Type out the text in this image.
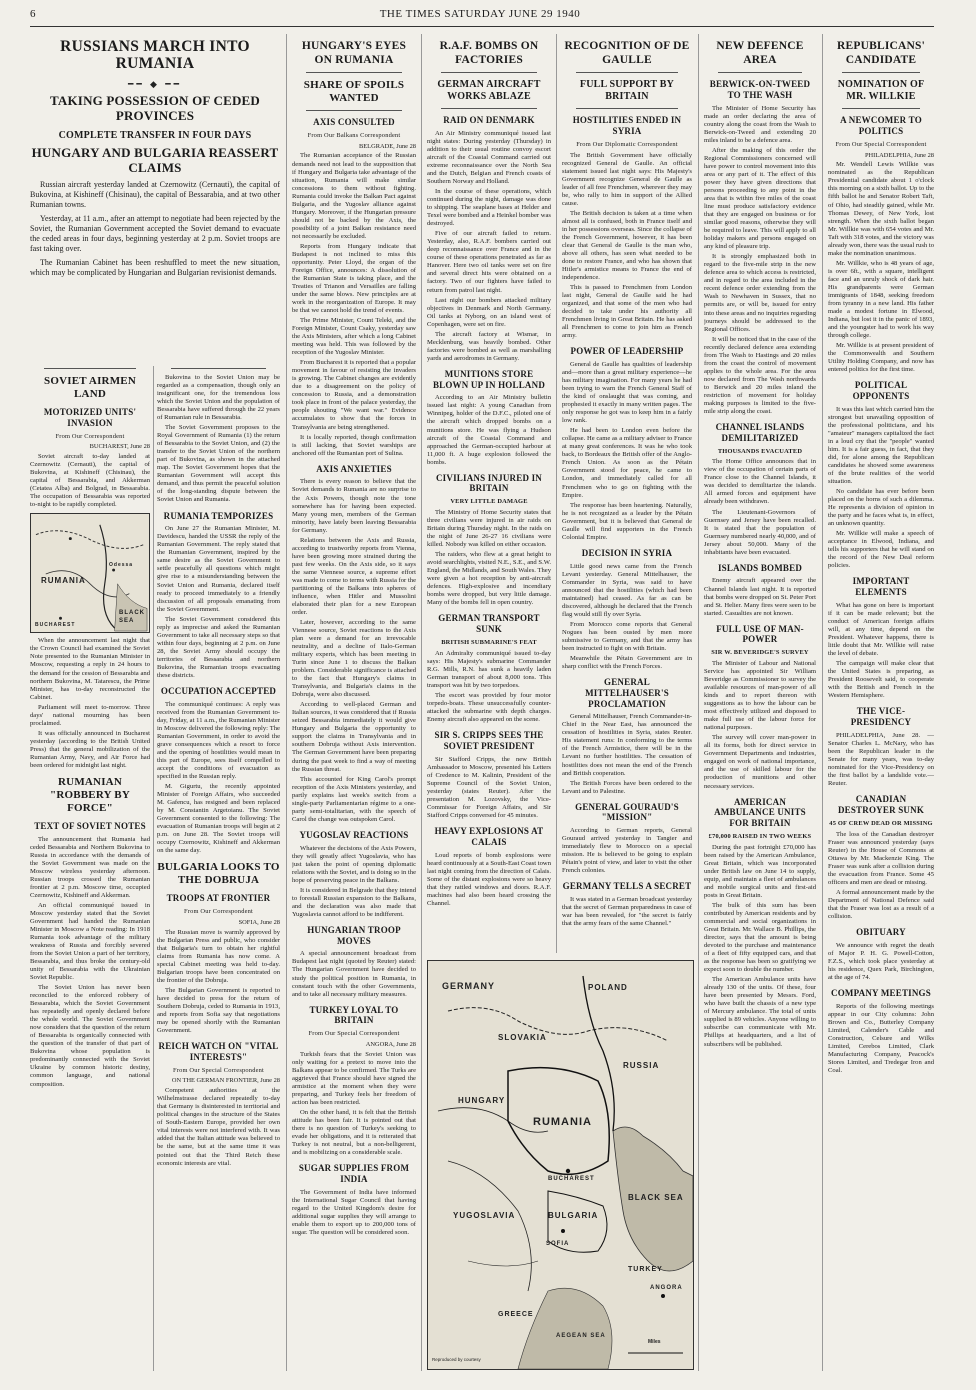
6	THE TIMES SATURDAY JUNE 29 1940
RUSSIANS MARCH INTO RUMANIA
━━ ◆ ━━
TAKING POSSESSION OF CEDED PROVINCES
COMPLETE TRANSFER IN FOUR DAYS
HUNGARY AND BULGARIA REASSERT CLAIMS

Russian aircraft yesterday landed at Czernowitz (Cernauti), the capital of Bukovina, at Kishineff (Chisinau), the capital of Bessarabia, and at two other Rumanian towns.

Yesterday, at 11 a.m., after an attempt to negotiate had been rejected by the Soviet, the Rumanian Government accepted the Soviet demand to evacuate the ceded areas in four days, beginning yesterday at 2 p.m. Soviet troops are fast taking over.

The Rumanian Cabinet has been reshuffled to meet the new situation, which may be complicated by Hungarian and Bulgarian revisionist demands.

SOVIET AIRMEN LAND
MOTORIZED UNITS' INVASION
From Our Correspondent
BUCHAREST, June 28

Soviet aircraft to-day landed at Czernowitz (Cernauti), the capital of Bukovina, at Kishineff (Chisinau), the capital of Bessarabia, and Akkerman (Cetatea Alba) and Bolgrad, in Bessarabia. The occupation of Bessarabia was reported to-night to be rapidly completed.

RUMANIA
BLACK SEA
Odessa
BUCHAREST

When the announcement last night that the Crown Council had examined the Soviet Note presented to the Rumanian Minister in Moscow, requesting a reply in 24 hours to the demand for the cession of Bessarabia and northern Bukovina, M. Tatarescu, the Prime Minister, has to-day reconstructed the Cabinet.

Parliament will meet to-morrow. Three days' national mourning has been proclaimed.

It was officially announced in Bucharest yesterday (according to the British United Press) that the general mobilization of the Rumanian Army, Navy, and Air Force had been ordered for midnight last night.

RUMANIAN "ROBBERY BY FORCE"
TEXT OF SOVIET NOTES

The announcement that Rumania had ceded Bessarabia and Northern Bukovina to Russia in accordance with the demands of the Soviet Government was made on the Moscow wireless yesterday afternoon. Russian troops crossed the Rumanian frontier at 2 p.m. Moscow time, occupied Czernowitz, Kishineff and Akkerman.

An official communiqué issued in Moscow yesterday stated that the Soviet Government had handed the Rumanian Minister in Moscow a Note reading: In 1918 Rumania took advantage of the military weakness of Russia and forcibly severed from the Soviet Union a part of her territory, Bessarabia, and thus broke the century-old unity of Bessarabia with the Ukrainian Soviet Republic.

The Soviet Union has never been reconciled to the enforced robbery of Bessarabia, which the Soviet Government has repeatedly and openly declared before the whole world. The Soviet Government now considers that the question of the return of Bessarabia is organically connected with the question of the transfer of that part of Bukovina whose population is predominantly connected with the Soviet Ukraine by common historic destiny, common language, and national composition.

Bukovina to the Soviet Union may be regarded as a compensation, though only an insignificant one, for the tremendous loss which the Soviet Union and the population of Bessarabia have suffered through the 22 years of Rumanian rule in Bessarabia.

The Soviet Government proposes to the Royal Government of Rumania (1) the return of Bessarabia to the Soviet Union, and (2) the transfer to the Soviet Union of the northern part of Bukovina, as shown in the attached map. The Soviet Government hopes that the Rumanian Government will accept this demand, and thus permit the peaceful solution of the long-standing dispute between the Soviet Union and Rumania.

RUMANIA TEMPORIZES

On June 27 the Rumanian Minister, M. Davidescu, handed the USSR the reply of the Rumanian Government. The reply stated that the Rumanian Government, inspired by the same desire as the Soviet Government to settle peacefully all questions which might give rise to a misunderstanding between the Soviet Union and Rumania, declared itself ready to proceed immediately to a friendly discussion of all proposals emanating from the Soviet Government.

The Soviet Government considered this reply as imprecise and asked the Rumanian Government to take all necessary steps so that within four days, beginning at 2 p.m. on June 28, the Soviet Army should occupy the territories of Bessarabia and northern Bukovina, the Rumanian troops evacuating these districts.

OCCUPATION ACCEPTED

The communiqué continues: A reply was received from the Rumanian Government to-day, Friday, at 11 a.m., the Rumanian Minister in Moscow delivered the following reply: The Rumanian Government, in order to avoid the grave consequences which a resort to force and the opening of hostilities would mean in this part of Europe, sees itself compelled to accept the conditions of evacuation as specified in the Russian reply.

M. Gigurtu, the recently appointed Minister of Foreign Affairs, who succeeded M. Gafencu, has resigned and been replaced by M. Constantin Argetoianu. The Soviet Government consented to the following: The evacuation of Rumanian troops will begin at 2 p.m. on June 28. The Soviet troops will occupy Czernowitz, Kishineff and Akkerman on the same day.

BULGARIA LOOKS TO THE DOBRUJA
TROOPS AT FRONTIER
From Our Correspondent
SOFIA, June 28

The Russian move is warmly approved by the Bulgarian Press and public, who consider that Bulgaria's turn to obtain her rightful claims from Rumania has now come. A special Cabinet meeting was held to-day. Bulgarian troops have been concentrated on the frontier of the Dobruja.

The Bulgarian Government is reported to have decided to press for the return of Southern Dobruja, ceded to Rumania in 1913, and reports from Sofia say that negotiations may be opened shortly with the Rumanian Government.

REICH WATCH ON "VITAL INTERESTS"
From Our Special Correspondent
ON THE GERMAN FRONTIER, June 28

Competent authorities at the Wilhelmstrasse declared repeatedly to-day that Germany is disinterested in territorial and political changes in the structure of the States of South-Eastern Europe, provided her own vital interests were not interfered with. It was added that the Italian attitude was believed to be the same, but at the same time it was pointed out that the Third Reich these economic interests are vital.

HUNGARY'S EYES ON RUMANIA
SHARE OF SPOILS WANTED
AXIS CONSULTED
From Our Balkans Correspondent
BELGRADE, June 28

The Rumanian acceptance of the Russian demands need not lead to the supposition that if Hungary and Bulgaria take advantage of the situation, Rumania will make similar concessions to them without fighting. Rumania could invoke the Balkan Pact against Bulgaria, and the Yugoslav alliance against Hungary. Moreover, if the Hungarian pressure should not be backed by the Axis, the possibility of a joint Balkan resistance need not necessarily be excluded.

Reports from Hungary indicate that Budapest is not inclined to miss this opportunity. Peter Lloyd, the organ of the Foreign Office, announces: A dissolution of the Rumanian State is taking place, and the Treaties of Trianon and Versailles are falling under the same blows. New principles are at work in the reorganization of Europe. It may be that we cannot hold the trend of events.

The Prime Minister, Count Teleki, and the Foreign Minister, Count Csaky, yesterday saw the Axis Ministers, after which a long Cabinet meeting was held. This was followed by the reception of the Yugoslav Minister.

From Bucharest it is reported that a popular movement in favour of resisting the invaders is growing. The Cabinet changes are evidently due to a disagreement on the policy of concession to Russia, and a demonstration took place in front of the palace yesterday, the people shouting "We want war." Evidence accumulates to show that the forces in Transylvania are being strengthened.

It is locally reported, though confirmation is still lacking, that Soviet warships are anchored off the Rumanian port of Sulina.

AXIS ANXIETIES

There is every reason to believe that the Soviet demands to Rumania are no surprise to the Axis Powers, though note the tone somewhere has for having been expected. Many young men, members of the German minority, have lately been leaving Bessarabia for Germany.

Relations between the Axis and Russia, according to trustworthy reports from Vienna, have been growing more strained during the past few weeks. On the Axis side, so it says the same Viennese source, a supreme effort was made to come to terms with Russia for the partitioning of the Balkans into spheres of influence, when Hitler and Mussolini elaborated their plan for a new European order.

Later, however, according to the same Viennese source, Soviet reactions to the Axis plan were a demand for an irrevocable neutrality, and a decline of Italo-German military experts, which has been meeting in Turin since June 1 to discuss the Balkan problem. Considerable significance is attached to the fact that Hungary's claims in Transylvania, and Bulgaria's claims in the Dobruja, were also discussed.

According to well-placed German and Italian sources, it was considered that if Russia seized Bessarabia immediately it would give Hungary and Bulgaria the opportunity to support the claims in Transylvania and in southern Dobruja without Axis intervention. The German Government have been preparing during the past week to find a way of meeting the Russian threat.

This accounted for King Carol's prompt reception of the Axis Ministers yesterday, and partly explains last week's switch from a single-party Parliamentarian régime to a one-party semi-totalitarian, with the speech of Carol the change was outspoken Carol.

YUGOSLAV REACTIONS

Whatever the decisions of the Axis Powers, they will greatly affect Yugoslavia, who has just taken the point of opening diplomatic relations with the Soviet, and is doing so in the hope of preserving peace in the Balkans.

It is considered in Belgrade that they intend to forestall Russian expansion to the Balkans, and the declaration was also made that Yugoslavia cannot afford to be indifferent.

HUNGARIAN TROOP MOVES

A special announcement broadcast from Budapest last night (quoted by Reuter) stated: The Hungarian Government have decided to study the political position in Rumania, in constant touch with the other Governments, and to take all necessary military measures.

TURKEY LOYAL TO BRITAIN
From Our Special Correspondent
ANGORA, June 28

Turkish fears that the Soviet Union was only waiting for a pretext to move into the Balkans appear to be confirmed. The Turks are aggrieved that France should have signed the armistice at the moment when they were preparing, and Turkey feels her freedom of action has been restricted.

On the other hand, it is felt that the British attitude has been fair. It is pointed out that there is no question of Turkey's seeking to evade her obligations, and it is reiterated that Turkey is not neutral, but a non-belligerent, and is mobilizing on a considerable scale.

SUGAR SUPPLIES FROM INDIA

The Government of India have informed the International Sugar Council that having regard to the United Kingdom's desire for additional sugar supplies they will arrange to enable them to export up to 200,000 tons of sugar. The question will be considered soon.

R.A.F. BOMBS ON FACTORIES
GERMAN AIRCRAFT WORKS ABLAZE
RAID ON DENMARK

An Air Ministry communiqué issued last night states: During yesterday (Thursday) in addition to their usual routine convoy escort aircraft of the Coastal Command carried out extreme reconnaissance over the North Sea and the Dutch, Belgian and French coasts of Southern Norway and Holland.

In the course of these operations, which continued during the night, damage was done to shipping. The seaplane bases at Helder and Texel were bombed and a Heinkel bomber was destroyed.

Five of our aircraft failed to return. Yesterday, also, R.A.F. bombers carried out deep reconnaissance over France and in the course of these operations penetrated as far as Hanover. Here two oil tanks were set on fire and several direct hits were obtained on a factory. Two of our fighters have failed to return from patrol last night.

Last night our bombers attacked military objectives in Denmark and North Germany. Oil tanks at Nyborg, on an island west of Copenhagen, were set on fire.

The aircraft factory at Wismar, in Mecklenburg, was heavily bombed. Other factories were bombed as well as marshalling yards and aerodromes in Germany.

MUNITIONS STORE BLOWN UP IN HOLLAND

According to an Air Ministry bulletin issued last night: A young Canadian from Winnipeg, holder of the D.F.C., piloted one of the aircraft which dropped bombs on a munitions store. He was flying a Hudson aircraft of the Coastal Command and approached the German-occupied harbour at 11,000 ft. A huge explosion followed the bombs.

CIVILIANS INJURED IN BRITAIN
VERY LITTLE DAMAGE

The Ministry of Home Security states that three civilians were injured in air raids on Britain during Thursday night. In the raids on the night of June 26-27 16 civilians were killed. Nobody was killed on either occasion.

The raiders, who flew at a great height to avoid searchlights, visited N.E., S.E., and S.W. England, the Midlands, and South Wales. They were given a hot reception by anti-aircraft defences. High-explosive and incendiary bombs were dropped, but very little damage. Many of the bombs fell in open country.

GERMAN TRANSPORT SUNK
BRITISH SUBMARINE'S FEAT

An Admiralty communiqué issued to-day says: His Majesty's submarine Commander R.G. Mills, R.N. has sunk a heavily laden German transport of about 8,000 tons. This transport was hit by two torpedoes.

The escort was provided by four motor torpedo-boats. These unsuccessfully counter-attacked the submarine with depth charges. Enemy aircraft also appeared on the scene.

SIR S. CRIPPS SEES THE SOVIET PRESIDENT

Sir Stafford Cripps, the new British Ambassador to Moscow, presented his Letters of Credence to M. Kalinin, President of the Supreme Council of the Soviet Union, yesterday (states Reuter). After the presentation M. Lozovsky, the Vice-Commissar for Foreign Affairs, and Sir Stafford Cripps conversed for 45 minutes.

HEAVY EXPLOSIONS AT CALAIS

Loud reports of bomb explosions were heard continuously at a South-East Coast town last night coming from the direction of Calais. Some of the distant explosions were so heavy that they rattled windows and doors. R.A.F. machines had also been heard crossing the Channel.

RECOGNITION OF DE GAULLE
FULL SUPPORT BY BRITAIN
HOSTILITIES ENDED IN SYRIA
From Our Diplomatic Correspondent

The British Government have officially recognized General de Gaulle. An official statement issued last night says: His Majesty's Government recognize General de Gaulle as leader of all free Frenchmen, wherever they may be, who rally to him in support of the Allied cause.

The British decision is taken at a time when almost all is confused, both in France itself and in her possessions overseas. Since the collapse of the French Government, however, it has been clear that General de Gaulle is the man who, above all others, has seen what needed to be done to restore France, and who has shown that Hitler's armistice means to France the end of independence.

This is passed to Frenchmen from London last night, General de Gaulle said he had organized, and that some of the men who had decided to take under his authority all Frenchmen living in Great Britain. He has asked all Frenchmen to come to join him as French army.

POWER OF LEADERSHIP

General de Gaulle has qualities of leadership and—more than a great military experience—he has military imagination. For many years he had been trying to warn the French General Staff of the kind of onslaught that was coming, and prophesied it exactly in many written pages. The only response he got was to keep him in a fairly low rank.

He had been to London even before the collapse. He came as a military adviser to France at many great conferences. It was he who took back, to Bordeaux the British offer of the Anglo-French Union. As soon as the Pétain Government stood for peace, he came to London, and immediately called for all Frenchmen who to go on fighting with the Empire.

The response has been heartening. Naturally, he is not recognized as a leader by the Pétain Government, but it is believed that General de Gaulle will find supporters in the French Colonial Empire.

DECISION IN SYRIA

Little good news came from the French Levant yesterday. General Mittelhauser, the Commander in Syria, was said to have announced that the hostilities (which had been maintained) had ceased. As far as can be discovered, although he declared that the French flag would still fly over Syria.

From Morocco come reports that General Nogues has been ousted by men more submissive to Germany, and that the army has been instructed to fight on with Britain.

Meanwhile the Pétain Government are in sharp conflict with the French Forces.

GENERAL MITTELHAUSER'S PROCLAMATION

General Mittelhauser, French Commander-in-Chief in the Near East, has announced the cessation of hostilities in Syria, states Reuter. His statement runs: In conforming to the terms of the French Armistice, there will be in the Levant no further hostilities. The cessation of hostilities does not mean the end of the French and British cooperation.

The British Forces have been ordered to the Levant and to Palestine.

GENERAL GOURAUD'S "MISSION"

According to German reports, General Gouraud arrived yesterday in Tangier and immediately flew to Morocco on a special mission. He is believed to be going to explain Pétain's point of view, and later to visit the other French colonies.

GERMANY TELLS A SECRET

It was stated in a German broadcast yesterday that the secret of German preparedness in case of war has been revealed, for "the secret is fairly that the army fears of the same Channel."

GERMANY	POLAND
SLOVAKIA
RUSSIA
HUNGARY
RUMANIA
YUGOSLAVIA	BULGARIA
BLACK SEA
SOFIA
ANGORA
BUCHAREST
AEGEAN SEA
TURKEY
GREECE
Miles
Reproduced by courtesy
NEW DEFENCE AREA
BERWICK-ON-TWEED TO THE WASH

The Minister of Home Security has made an order declaring the area of country along the coast from the Wash to Berwick-on-Tweed and extending 20 miles inland to be a defence area.

After the making of this order the Regional Commissioners concerned will have power to control movement into this area or any part of it. The effect of this power they have given directions that persons proceeding to any point in the area that is within five miles of the coast line must produce satisfactory evidence that they are engaged on business or for similar good reasons, otherwise they will be required to leave. This will apply to all holiday makers and persons engaged on any kind of pleasure trip.

It is strongly emphasized both in regard to the five-mile strip in the new defence area to which access is restricted, and in regard to the area included in the recent defence order extending from the Wash to Newhaven in Sussex, that no permits are, or will be, issued for entry into these areas and no inquiries regarding journeys should be addressed to the Regional Offices.

It will be noticed that in the case of the recently declared defence area extending from The Wash to Hastings and 20 miles from the coast the control of movement applies to the whole area. For the area now declared from The Wash northwards to Berwick and 20 miles inland the restriction of movement for holiday making purposes is limited to the five-mile strip along the coast.

CHANNEL ISLANDS DEMILITARIZED
THOUSANDS EVACUATED

The Home Office announces that in view of the occupation of certain parts of France close to the Channel Islands, it was decided to demilitarize the islands. All armed forces and equipment have already been withdrawn.

The Lieutenant-Governors of Guernsey and Jersey have been recalled. It is stated that the population of Guernsey numbered nearly 40,000, and of Jersey about 50,000. Many of the inhabitants have been evacuated.

ISLANDS BOMBED

Enemy aircraft appeared over the Channel Islands last night. It is reported that bombs were dropped on St. Peter Port and St. Helier. Many fires were seen to be started. Casualties are not known.

FULL USE OF MAN-POWER
SIR W. BEVERIDGE'S SURVEY

The Minister of Labour and National Service has appointed Sir William Beveridge as Commissioner to survey the available resources of man-power of all kinds and to report thereon with suggestions as to how the labour can be most effectively utilized and disposed to make full use of the labour force for national purposes.

The survey will cover man-power in all its forms, both for direct service in Government Departments and industries, engaged on work of national importance, and the use of skilled labour for the production of munitions and other necessary services.

AMERICAN AMBULANCE UNITS FOR BRITAIN
£70,000 RAISED IN TWO WEEKS

During the past fortnight £70,000 has been raised by the American Ambulance, Great Britain, which was incorporated under British law on June 14 to supply, equip, and maintain a fleet of ambulances and mobile surgical units and first-aid posts in Great Britain.

The bulk of this sum has been contributed by American residents and by commercial and social organizations in Great Britain. Mr. Wallace B. Phillips, the director, says that the amount is being devoted to the purchase and maintenance of a fleet of fifty equipped cars, and that as the response has been so gratifying we expect soon to double the number.

The American Ambulance units have already 130 of the units. Of these, four have been presented by Messrs. Ford, who have built the chassis of a new type of Mercury ambulance. The total of units supplied is 89 vehicles. Anyone willing to subscribe can communicate with Mr. Phillips at headquarters, and a list of subscribers will be published.

REPUBLICANS' CANDIDATE
NOMINATION OF MR. WILLKIE
A NEWCOMER TO POLITICS
From Our Special Correspondent
PHILADELPHIA, June 28

Mr. Wendell Lewis Willkie was nominated as the Republican Presidential candidate about 1 o'clock this morning on a sixth ballot. Up to the fifth ballot he and Senator Robert Taft, of Ohio, had steadily gained, while Mr. Thomas Dewey, of New York, lost strength. When the sixth ballot began Mr. Willkie was with 654 votes and Mr. Taft with 318 votes, and the victory was already won, there was the usual rush to make the nomination unanimous.

Mr. Willkie, who is 48 years of age, is over 6ft., with a square, intelligent face and an unruly shock of dark hair. His grandparents were German immigrants of 1848, seeking freedom from tyranny in a new land. His father made a modest fortune in Elwood, Indiana, but lost it in the panic of 1893, and the youngster had to work his way through college.

Mr. Willkie is at present president of the Commonwealth and Southern Utility Holding Company, and now has entered politics for the first time.

POLITICAL OPPONENTS

It was this last which carried him the strongest but unavailing opposition of the professional politicians, and his "amateur" managers capitalized the fact in a loud cry that the "people" wanted him. It is a fair guess, in fact, that they did, for alone among the Republican candidates he showed some awareness of the brute realities of the world situation.

No candidate has ever before been placed on the horns of such a dilemma. He represents a division of opinion in the party and he faces what is, in effect, an unknown quantity.

Mr. Willkie will make a speech of acceptance in Elwood, Indiana, and tells his supporters that he will stand on the record of the New Deal reform policies.

IMPORTANT ELEMENTS

What has gone on here is important if it can be made relevant; but the conduct of American foreign affairs will, at any time, depend on the President. Whatever happens, there is little doubt that Mr. Willkie will raise the level of debate.

The campaign will make clear that the United States is preparing, as President Roosevelt said, to cooperate with the British and French in the Western Hemisphere.

THE VICE-PRESIDENCY

PHILADELPHIA, June 28. — Senator Charles L. McNary, who has been the Republican leader in the Senate for many years, was to-day nominated for the Vice-Presidency on the first ballot by a landslide vote.—Reuter.

CANADIAN DESTROYER SUNK
45 OF CREW DEAD OR MISSING

The loss of the Canadian destroyer Fraser was announced yesterday (says Reuter) in the House of Commons at Ottawa by Mr. Mackenzie King. The Fraser was sunk after a collision during the evacuation from France. Some 45 officers and men are dead or missing.

A formal announcement made by the Department of National Defence said that the Fraser was lost as a result of a collision.

OBITUARY

We announce with regret the death of Major P. H. G. Powell-Cotton, F.Z.S., which took place yesterday at his residence, Quex Park, Birchington, at the age of 74.

COMPANY MEETINGS

Reports of the following meetings appear in our City columns: John Brown and Co., Butterley Company Limited, Calender's Cable and Construction, Celsure and Wilks Limited, Cerebos Limited, Clark Manufacturing Company, Peacock's Stores Limited, and Tredegar Iron and Coal.
